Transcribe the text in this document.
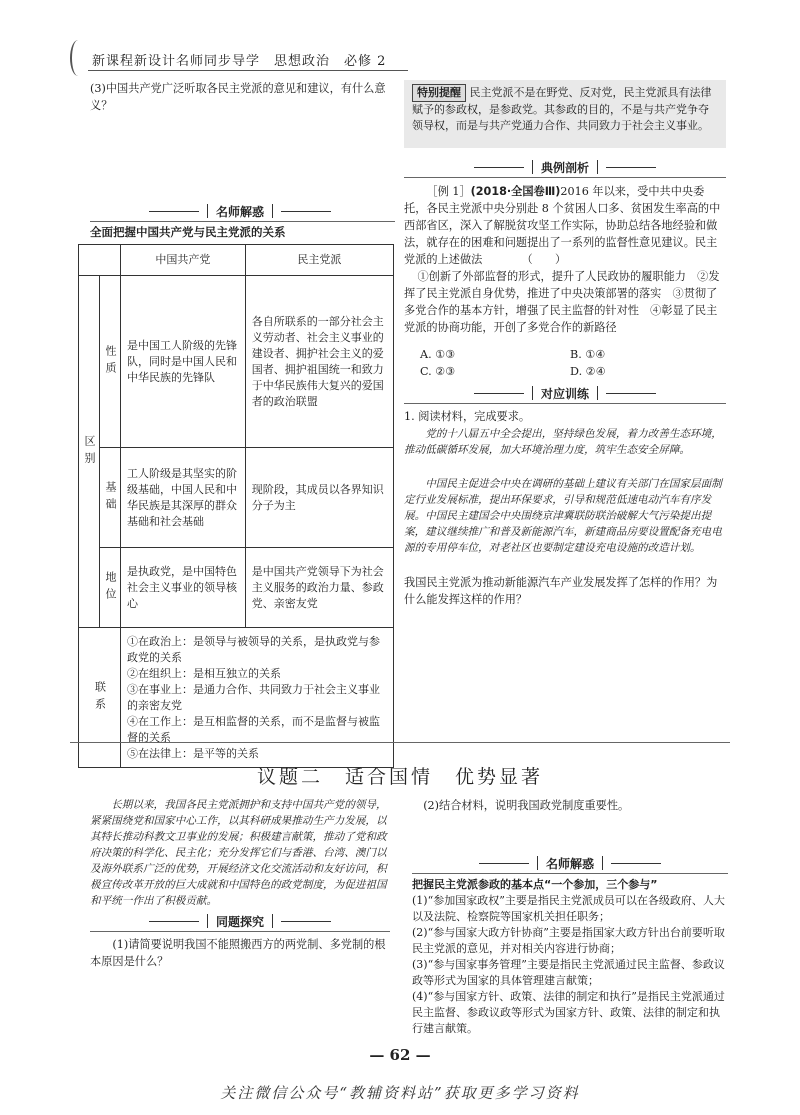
新课程新设计名师同步导学　思想政治　必修 2
(3)中国共产党广泛听取各民主党派的意见和建议，有什么意义？
名师解惑
全面把握中国共产党与民主党派的关系
		中国共产党	民主党派
区别	性质	是中国工人阶级的先锋队，同时是中国人民和中华民族的先锋队	各自所联系的一部分社会主义劳动者、社会主义事业的建设者、拥护社会主义的爱国者、拥护祖国统一和致力于中华民族伟大复兴的爱国者的政治联盟
	基础	工人阶级是其坚实的阶级基础，中国人民和中华民族是其深厚的群众基础和社会基础	现阶段，其成员以各界知识分子为主
	地位	是执政党，是中国特色社会主义事业的领导核心	是中国共产党领导下为社会主义服务的政治力量、参政党、亲密友党
联系		①在政治上：是领导与被领导的关系，是执政党与参政党的关系
②在组织上：是相互独立的关系
③在事业上：是通力合作、共同致力于社会主义事业的亲密友党
④在工作上：是互相监督的关系，而不是监督与被监督的关系
⑤在法律上：是平等的关系	
特别提醒 民主党派不是在野党、反对党，民主党派具有法律赋予的参政权，是参政党。其参政的目的，不是与共产党争夺领导权，而是与共产党通力合作、共同致力于社会主义事业。
典例剖析
［例 1］(2018·全国卷Ⅲ)2016 年以来，受中共中央委托，各民主党派中央分别赴 8 个贫困人口多、贫困发生率高的中西部省区，深入了解脱贫攻坚工作实际，协助总结各地经验和做法，就存在的困难和问题提出了一系列的监督性意见建议。民主党派的上述做法　　　　（　　）
①创新了外部监督的形式，提升了人民政协的履职能力　②发挥了民主党派自身优势，推进了中央决策部署的落实　③贯彻了多党合作的基本方针，增强了民主监督的针对性　④彰显了民主党派的协商功能，开创了多党合作的新路径
A. ①③	B. ①④
C. ②③	D. ②④
对应训练
1. 阅读材料，完成要求。
党的十八届五中全会提出，坚持绿色发展，着力改善生态环境，推动低碳循环发展，加大环境治理力度，筑牢生态安全屏障。
中国民主促进会中央在调研的基础上建议有关部门在国家层面制定行业发展标准，提出环保要求，引导和规范低速电动汽车有序发展。中国民主建国会中央围绕京津冀联防联治破解大气污染提出提案，建议继续推广和普及新能源汽车，新建商品房要设置配备充电电源的专用停车位，对老社区也要制定建设充电设施的改造计划。
我国民主党派为推动新能源汽车产业发展发挥了怎样的作用？为什么能发挥这样的作用？
议题二　适合国情　优势显著
长期以来，我国各民主党派拥护和支持中国共产党的领导，紧紧围绕党和国家中心工作，以其科研成果推动生产力发展，以其特长推动科教文卫事业的发展；积极建言献策，推动了党和政府决策的科学化、民主化；充分发挥它们与香港、台湾、澳门以及海外联系广泛的优势，开展经济文化交流活动和友好访问，积极宣传改革开放的巨大成就和中国特色的政党制度，为促进祖国和平统一作出了积极贡献。
同题探究
(1)请简要说明我国不能照搬西方的两党制、多党制的根本原因是什么？
(2)结合材料，说明我国政党制度重要性。
名师解惑
把握民主党派参政的基本点“一个参加，三个参与”
(1)“参加国家政权”主要是指民主党派成员可以在各级政府、人大以及法院、检察院等国家机关担任职务；
(2)“参与国家大政方针协商”主要是指国家大政方针出台前要听取民主党派的意见，并对相关内容进行协商；
(3)“参与国家事务管理”主要是指民主党派通过民主监督、参政议政等形式为国家的具体管理建言献策；
(4)“参与国家方针、政策、法律的制定和执行”是指民主党派通过民主监督、参政议政等形式为国家方针、政策、法律的制定和执行建言献策。
— 62 —
关注微信公众号“教辅资料站”获取更多学习资料
